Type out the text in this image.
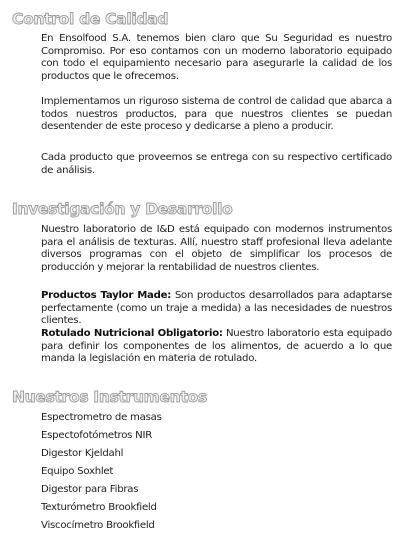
Control de Calidad

En Ensolfood S.A. tenemos bien claro que Su Seguridad es nuestro Compromiso. Por eso contamos con un moderno laboratorio equipado con todo el equipamiento necesario para asegurarle la calidad de los productos que le ofrecemos.

Implementamos un riguroso sistema de control de calidad que abarca a todos nuestros productos, para que nuestros clientes se puedan desentender de este proceso y dedicarse a pleno a producir.

Cada producto que proveemos se entrega con su respectivo certificado de análisis.

Investigación y Desarrollo

Nuestro laboratorio de I&D está equipado con modernos instrumentos para el análisis de texturas. Allí, nuestro staff profesional lleva adelante diversos programas con el objeto de simplificar los procesos de producción y mejorar la rentabilidad de nuestros clientes.

Productos Taylor Made: Son productos desarrollados para adaptarse perfectamente (como un traje a medida) a las necesidades de nuestros clientes.

Rotulado Nutricional Obligatorio: Nuestro laboratorio esta equipado para definir los componentes de los alimentos, de acuerdo a lo que manda la legislación en materia de rotulado.

Nuestros Instrumentos
Espectrometro de masas
Espectofotómetros NIR
Digestor Kjeldahl
Equipo Soxhlet
Digestor para Fibras
Texturómetro Brookfield
Viscocímetro Brookfield
